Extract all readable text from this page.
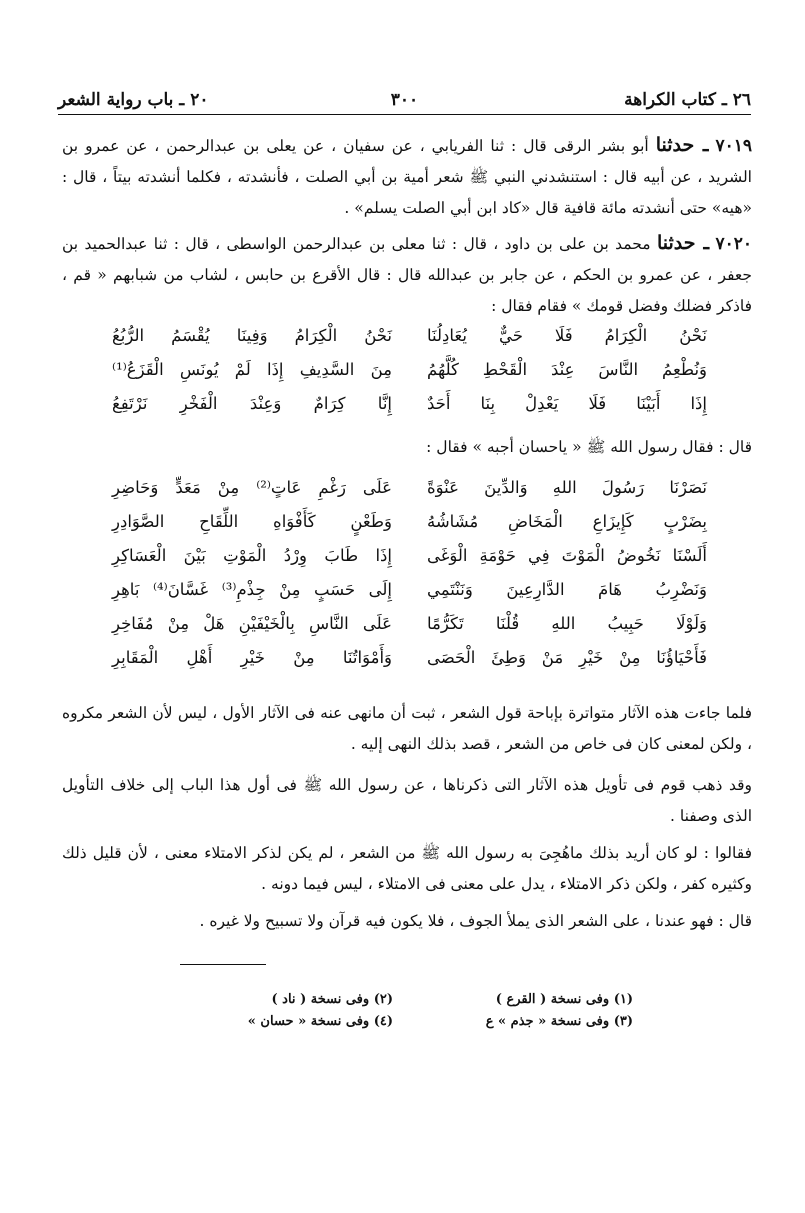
٢٦ ـ كتاب الكراهة
٣٠٠
٢٠ ـ باب رواية الشعر

٧٠١٩ ـ حدثنا أبو بشر الرقى قال : ثنا الفريابي ، عن سفيان ، عن يعلى بن عبدالرحمن ، عن عمرو بن الشريد ، عن أبيه قال : استنشدني النبي ﷺ شعر أمية بن أبي الصلت ، فأنشدته ، فكلما أنشدته بيتاً ، قال : «هيه» حتى أنشدته مائة قافية قال «كاد ابن أبي الصلت يسلم» .

٧٠٢٠ ـ حدثنا محمد بن على بن داود ، قال : ثنا معلى بن عبدالرحمن الواسطى ، قال : ثنا عبدالحميد بن جعفر ، عن عمرو بن الحكم ، عن جابر بن عبدالله قال : قال الأقرع بن حابس ، لشاب من شبابهم « قم ، فاذكر فضلك وفضل قومك » فقام فقال :

نَحْنُ الْكِرَامُ فَلَا حَيٌّ يُعَادِلُنَا
نَحْنُ الْكِرَامُ وَفِينَا يُقْسَمُ الرُّبُعُ
وَنُطْعِمُ النَّاسَ عِنْدَ الْقَحْطِ كُلَّهُمُ
مِنَ السَّدِيفِ إِذَا لَمْ يُونَسِ الْقَزَعُ⁽¹⁾
إِذَا أَبَيْنَا فَلَا يَعْدِلْ بِنَا أَحَدٌ
إِنَّا كِرَامٌ وَعِنْدَ الْفَخْرِ نَرْتَفِعُ

قال : فقال رسول الله ﷺ « ياحسان أجبه » فقال :

نَصَرْنَا رَسُولَ اللهِ وَالدِّينَ عَنْوَةً
عَلَى رَغْمِ عَاتٍ⁽²⁾ مِنْ مَعَدٍّ وَحَاضِرِ
بِضَرْبٍ كَإِيزَاعِ الْمَخَاضِ مُشَاشُهُ
وَطَعْنٍ كَأَفْوَاهِ اللِّقَاحِ الصَّوَادِرِ
أَلَسْنَا نَخُوضُ الْمَوْتَ فِي حَوْمَةِ الْوَغَى
إِذَا طَابَ وِرْدُ الْمَوْتِ بَيْنَ الْعَسَاكِرِ
وَنَضْرِبُ هَامَ الدَّارِعِينَ وَنَنْتَمِي
إِلَى حَسَبٍ مِنْ جِذْمِ⁽³⁾ غَسَّانَ⁽⁴⁾ بَاهِرِ
وَلَوْلَا حَبِيبُ اللهِ قُلْنَا تَكَرُّمًا
عَلَى النَّاسِ بِالْخَيْفَيْنِ هَلْ مِنْ مُفَاخِرِ
فَأَحْيَاؤُنَا مِنْ خَيْرِ مَنْ وَطِئَ الْحَصَى
وَأَمْوَاتُنَا مِنْ خَيْرِ أَهْلِ الْمَقَابِرِ

فلما جاءت هذه الآثار متواترة بإباحة قول الشعر ، ثبت أن مانهى عنه فى الآثار الأول ، ليس لأن الشعر مكروه ، ولكن لمعنى كان فى خاص من الشعر ، قصد بذلك النهى إليه .

وقد ذهب قوم فى تأويل هذه الآثار التى ذكرناها ، عن رسول الله ﷺ فى أول هذا الباب إلى خلاف التأويل الذى وصفنا .

فقالوا : لو كان أريد بذلك ماهُجِىَ به رسول الله ﷺ من الشعر ، لم يكن لذكر الامتلاء معنى ، لأن قليل ذلك وكثيره كفر ، ولكن ذكر الامتلاء ، يدل على معنى فى الامتلاء ، ليس فيما دونه .

قال : فهو عندنا ، على الشعر الذى يملأ الجوف ، فلا يكون فيه قرآن ولا تسبيح ولا غيره .

(١) وفى نسخة ( القرع )
(٢) وفى نسخة ( ناد )
(٣) وفى نسخة « جذم » ع
(٤) وفى نسخة « حسان »
